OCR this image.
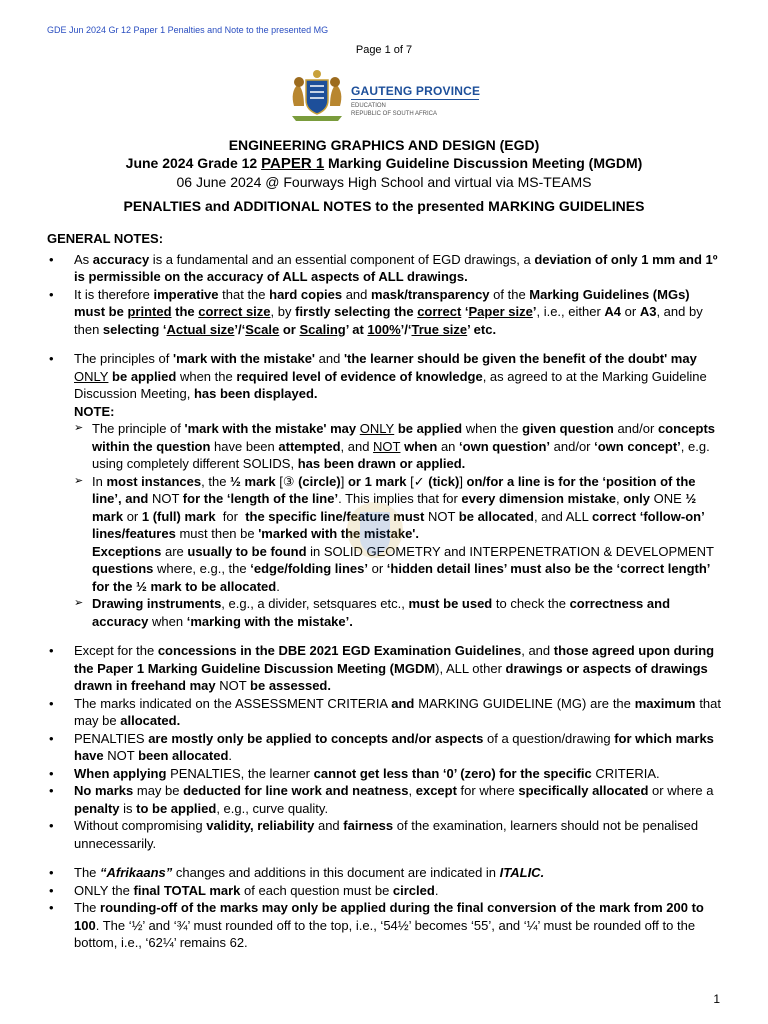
GDE Jun 2024 Gr 12 Paper 1 Penalties and Note to the presented MG
Page 1 of 7
GAUTENG PROVINCE
EDUCATION
REPUBLIC OF SOUTH AFRICA
ENGINEERING GRAPHICS AND DESIGN (EGD)
June 2024 Grade 12 PAPER 1 Marking Guideline Discussion Meeting (MGDM)
06 June 2024 @ Fourways High School and virtual via MS-TEAMS
PENALTIES and ADDITIONAL NOTES to the presented MARKING GUIDELINES
GENERAL NOTES:
• As accuracy is a fundamental and an essential component of EGD drawings, a deviation of only 1 mm and 1º is permissible on the accuracy of ALL aspects of ALL drawings.
• It is therefore imperative that the hard copies and mask/transparency of the Marking Guidelines (MGs) must be printed the correct size, by firstly selecting the correct ‘Paper size’, i.e., either A4 or A3, and by then selecting ‘Actual size’/‘Scale or Scaling’ at 100%’/‘True size’ etc.
• The principles of 'mark with the mistake' and 'the learner should be given the benefit of the doubt' may ONLY be applied when the required level of evidence of knowledge, as agreed to at the Marking Guideline Discussion Meeting, has been displayed.
NOTE:
➢ The principle of 'mark with the mistake' may ONLY be applied when the given question and/or concepts within the question have been attempted, and NOT when an ‘own question’ and/or ‘own concept’, e.g. using completely different SOLIDS, has been drawn or applied.
➢ In most instances, the ½ mark [③ (circle)] or 1 mark [✓ (tick)] on/for a line is for the ‘position of the line’, and NOT for the ‘length of the line’. This implies that for every dimension mistake, only ONE ½ mark or 1 (full) mark  for  the specific line/feature must NOT be allocated, and ALL correct ‘follow-on’ lines/features must then be 'marked with the mistake'.
Exceptions are usually to be found in SOLID GEOMETRY and INTERPENETRATION & DEVELOPMENT questions where, e.g., the ‘edge/folding lines’ or ‘hidden detail lines’ must also be the ‘correct length’ for the ½ mark to be allocated.
➢ Drawing instruments, e.g., a divider, setsquares etc., must be used to check the correctness and accuracy when ‘marking with the mistake’.
• Except for the concessions in the DBE 2021 EGD Examination Guidelines, and those agreed upon during the Paper 1 Marking Guideline Discussion Meeting (MGDM), ALL other drawings or aspects of drawings drawn in freehand may NOT be assessed.
• The marks indicated on the ASSESSMENT CRITERIA and MARKING GUIDELINE (MG) are the maximum that may be allocated.
• PENALTIES are mostly only be applied to concepts and/or aspects of a question/drawing for which marks have NOT been allocated.
• When applying PENALTIES, the learner cannot get less than ‘0’ (zero) for the specific CRITERIA.
• No marks may be deducted for line work and neatness, except for where specifically allocated or where a penalty is to be applied, e.g., curve quality.
• Without compromising validity, reliability and fairness of the examination, learners should not be penalised unnecessarily.
• The “Afrikaans” changes and additions in this document are indicated in ITALIC.
• ONLY the final TOTAL mark of each question must be circled.
• The rounding-off of the marks may only be applied during the final conversion of the mark from 200 to 100. The ‘½’ and ‘¾’ must rounded off to the top, i.e., ‘54½’ becomes ‘55’, and ‘¼’ must be rounded off to the bottom, i.e., ‘62¼’ remains 62.
1
